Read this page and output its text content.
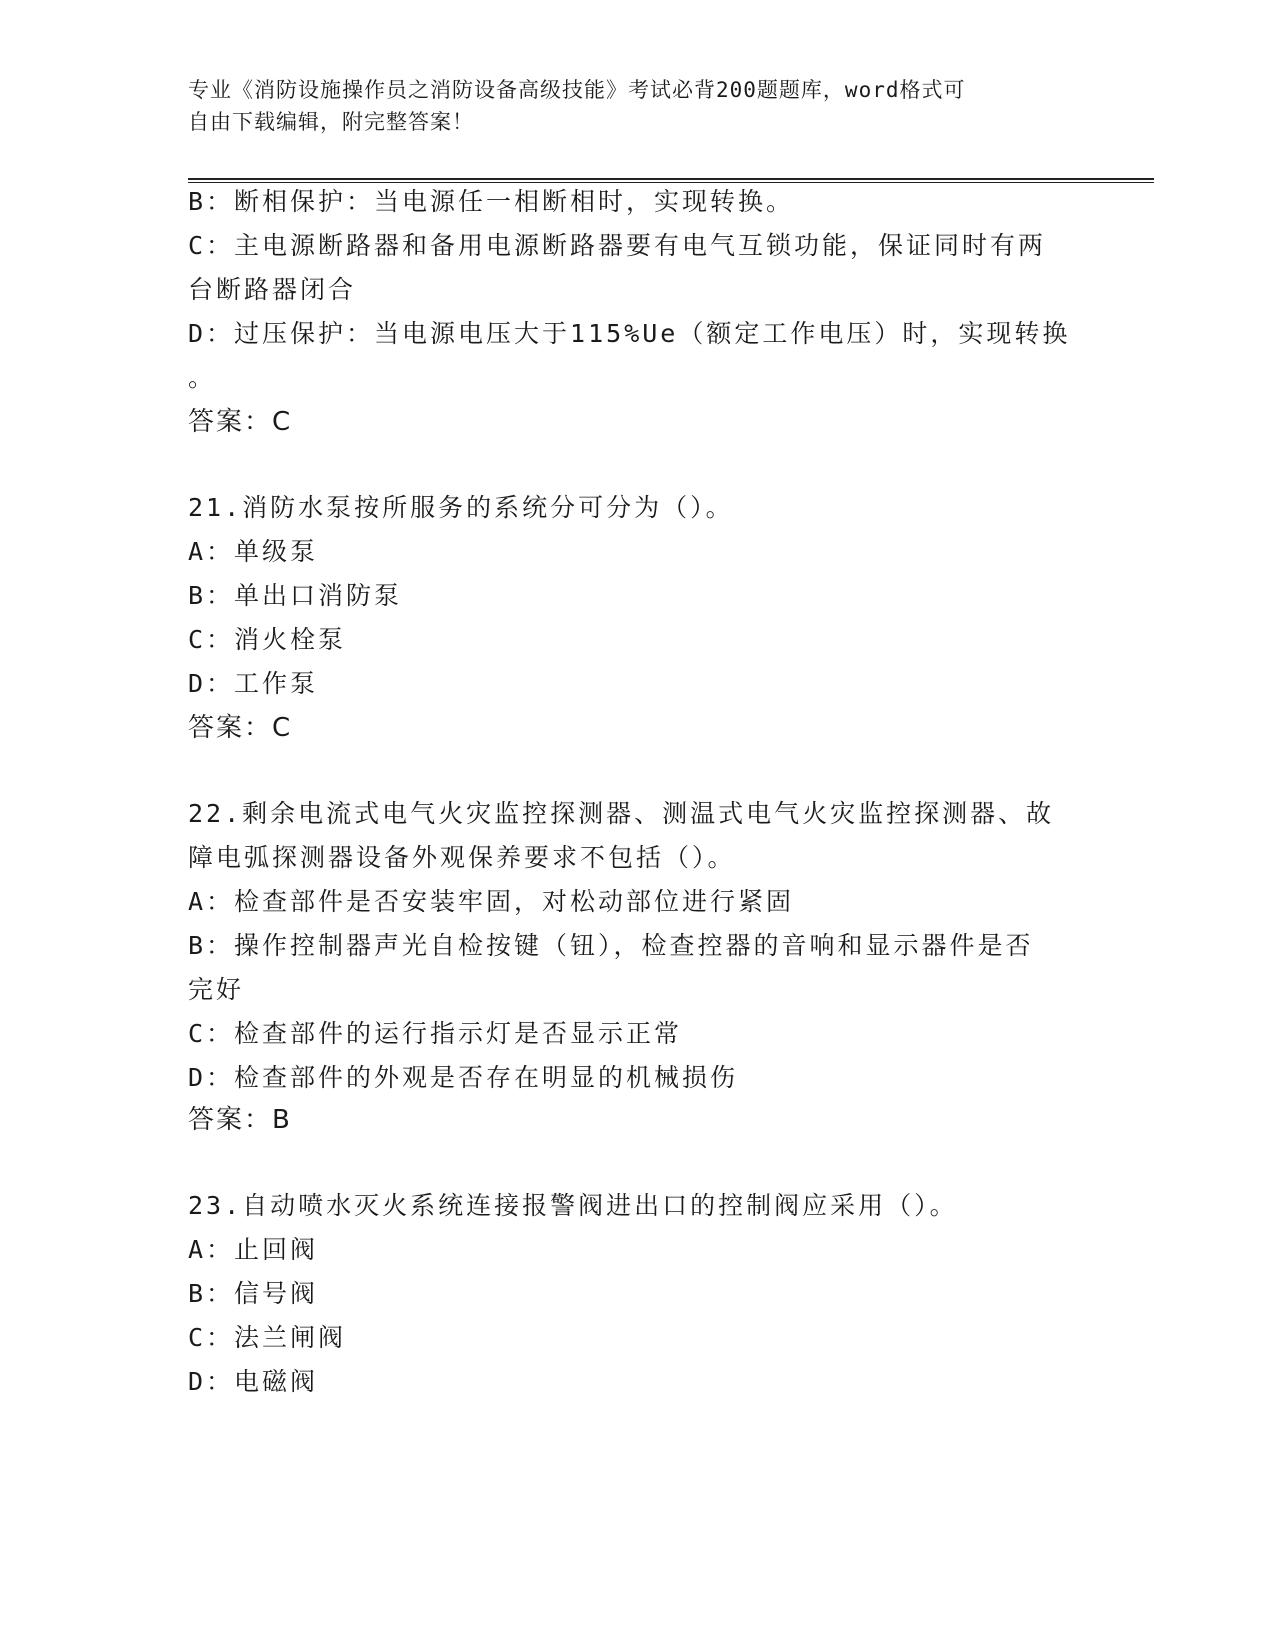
专业《消防设施操作员之消防设备高级技能》考试必背200题题库，word格式可
自由下载编辑，附完整答案！
B：断相保护：当电源任一相断相时，实现转换。
C：主电源断路器和备用电源断路器要有电气互锁功能，保证同时有两
台断路器闭合
D：过压保护：当电源电压大于115%Ue（额定工作电压）时，实现转换
。
答案：C
21.消防水泵按所服务的系统分可分为（）。
A：单级泵
B：单出口消防泵
C：消火栓泵
D：工作泵
答案：C
22.剩余电流式电气火灾监控探测器、测温式电气火灾监控探测器、故
障电弧探测器设备外观保养要求不包括（）。
A：检查部件是否安装牢固，对松动部位进行紧固
B：操作控制器声光自检按键（钮），检查控器的音响和显示器件是否
完好
C：检查部件的运行指示灯是否显示正常
D：检查部件的外观是否存在明显的机械损伤
答案：B
23.自动喷水灭火系统连接报警阀进出口的控制阀应采用（）。
A：止回阀
B：信号阀
C：法兰闸阀
D：电磁阀
